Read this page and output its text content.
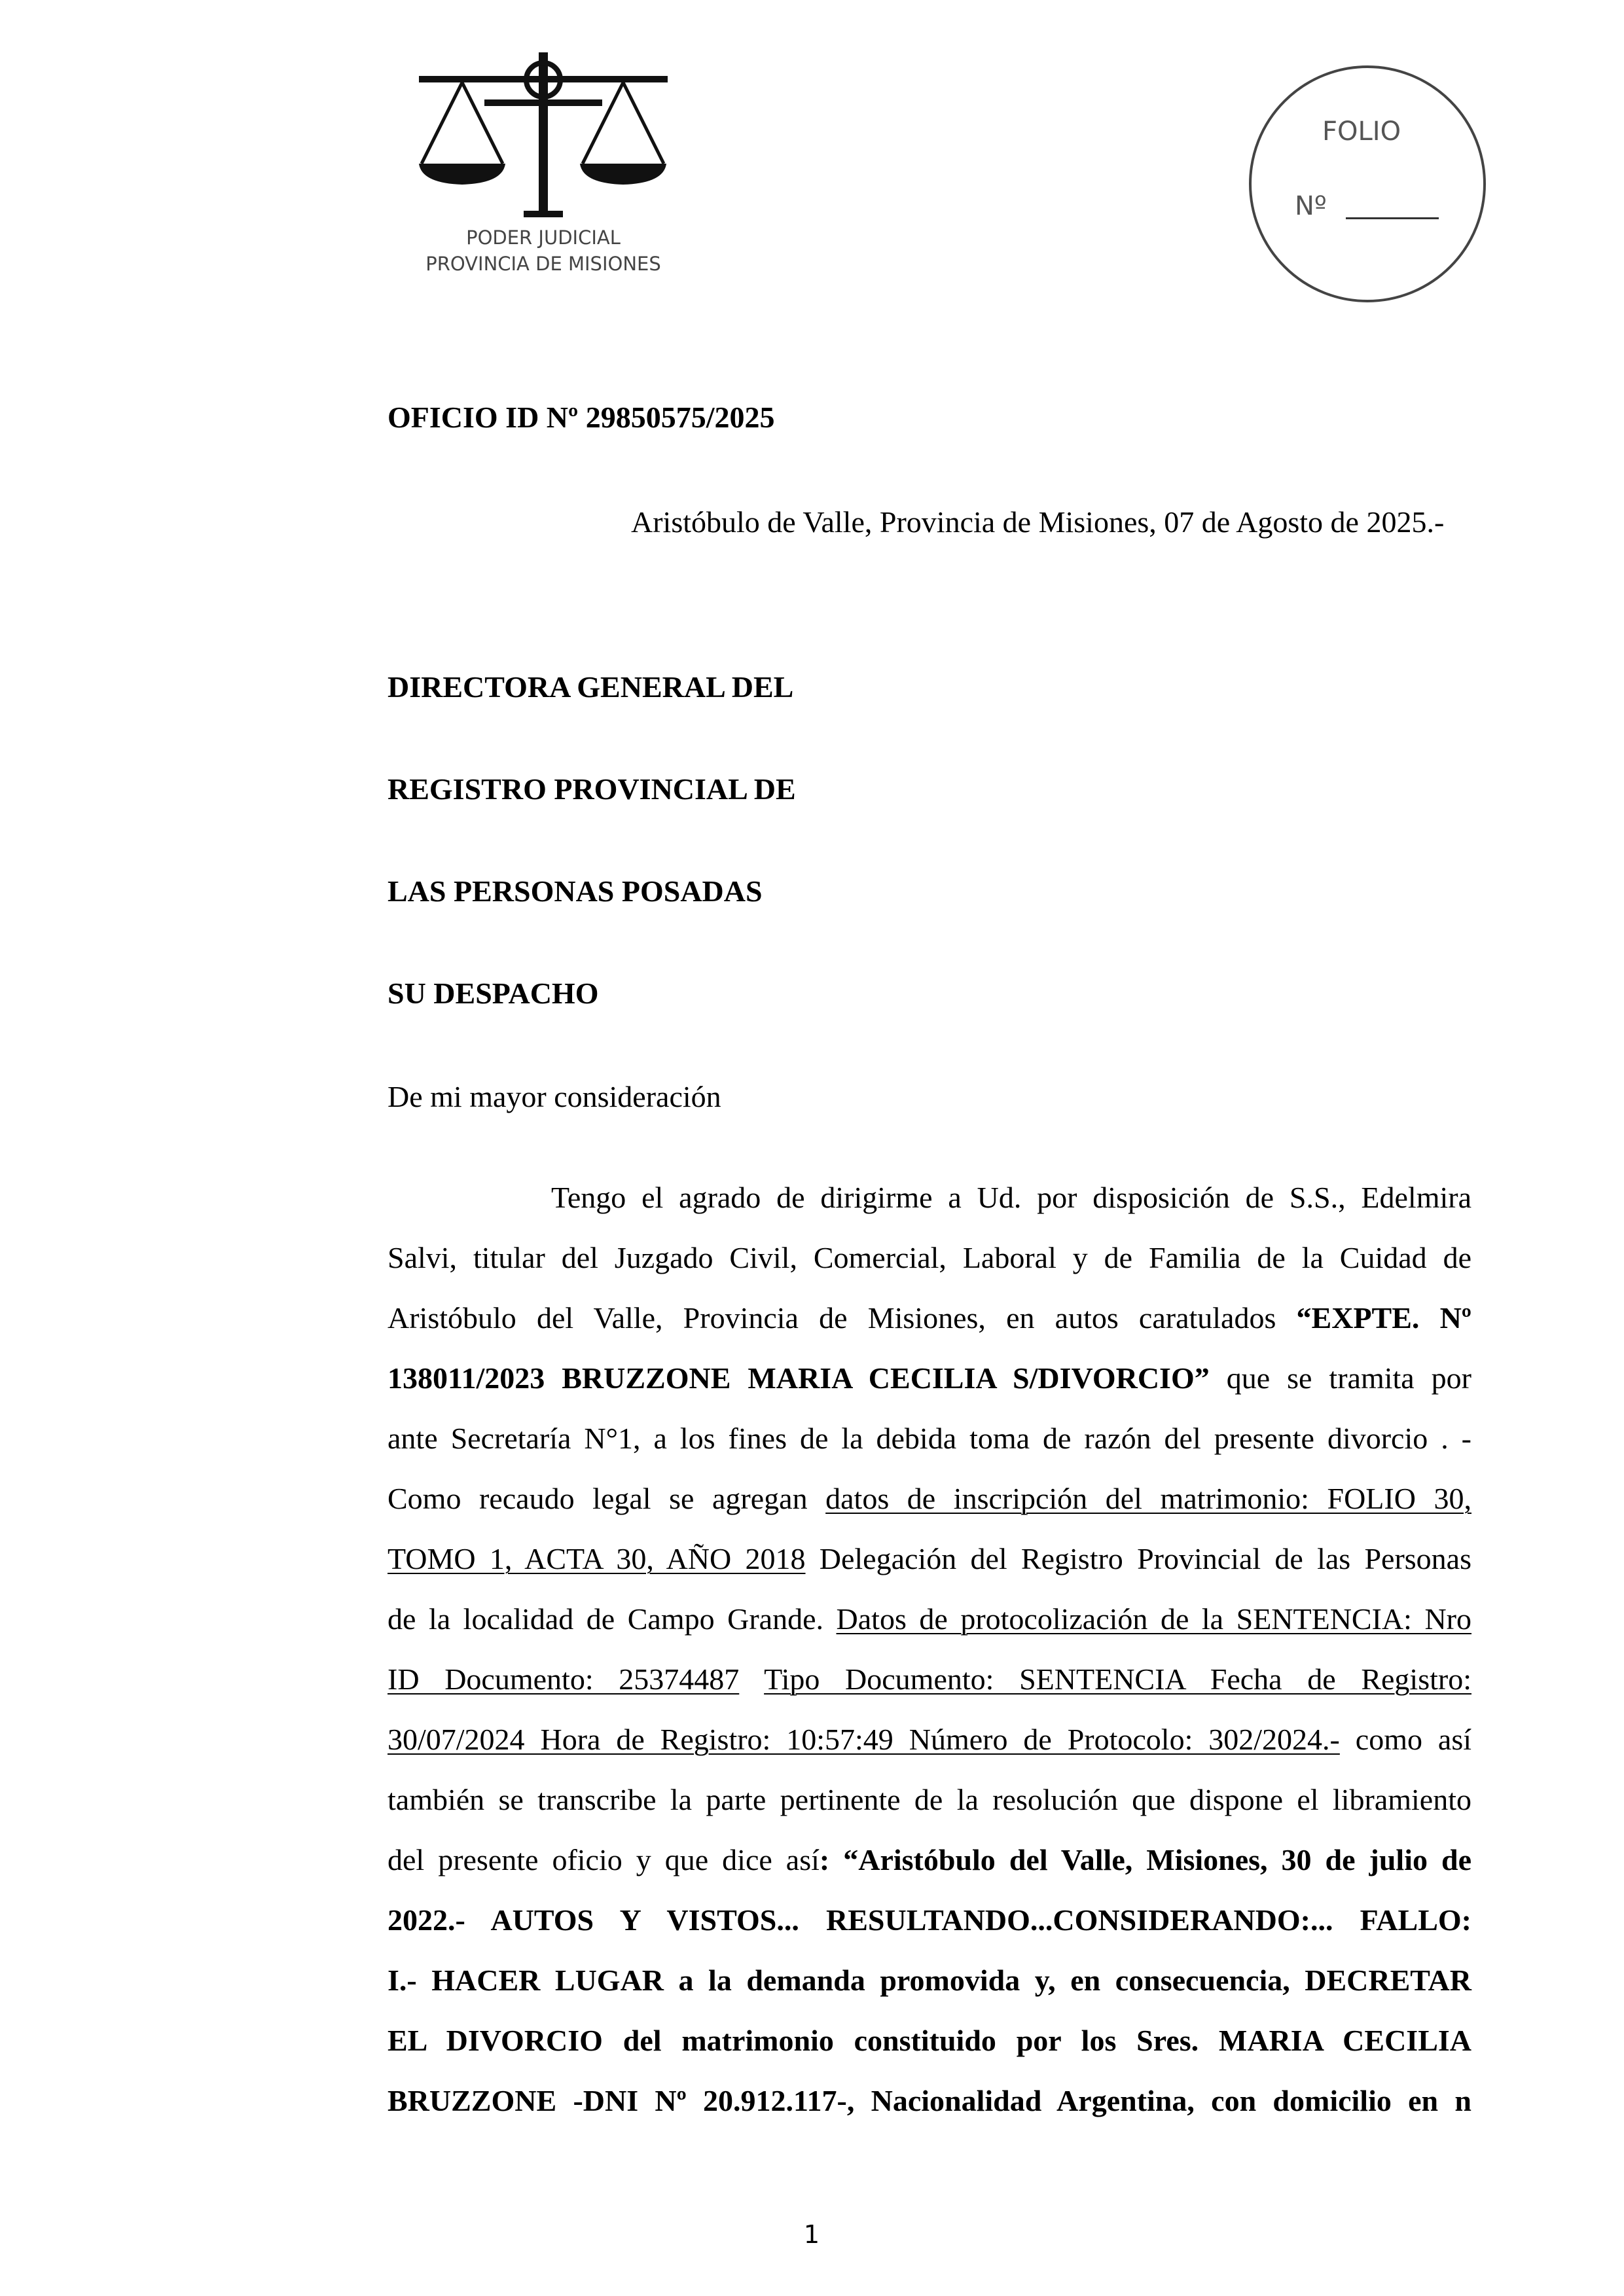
PODER JUDICIAL
PROVINCIA DE MISIONES
FOLIO
Nº
OFICIO ID Nº 29850575/2025
Aristóbulo de Valle, Provincia de Misiones, 07 de Agosto de 2025.-
DIRECTORA GENERAL DEL
REGISTRO PROVINCIAL DE
LAS PERSONAS POSADAS
SU DESPACHO
De mi mayor consideración
Tengo el agrado de dirigirme a Ud. por disposición de S.S., Edelmira
Salvi, titular del Juzgado Civil, Comercial, Laboral y de Familia de la Cuidad de
Aristóbulo del Valle, Provincia de Misiones, en autos caratulados “EXPTE. Nº
138011/2023 BRUZZONE MARIA CECILIA S/DIVORCIO” que se tramita por
ante Secretaría N°1, a los fines de la debida toma de razón del presente divorcio . -
Como recaudo legal se agregan datos de inscripción del matrimonio: FOLIO 30,
TOMO 1, ACTA 30, AÑO 2018 Delegación del Registro Provincial de las Personas
de la localidad de Campo Grande. Datos de protocolización de la SENTENCIA: Nro
ID Documento: 25374487 Tipo Documento: SENTENCIA Fecha de Registro:
30/07/2024 Hora de Registro: 10:57:49 Número de Protocolo: 302/2024.- como así
también se transcribe la parte pertinente de la resolución que dispone el libramiento
del presente oficio y que dice así: “Aristóbulo del Valle, Misiones, 30 de julio de
2022.- AUTOS Y VISTOS... RESULTANDO...CONSIDERANDO:... FALLO:
I.- HACER LUGAR a la demanda promovida y, en consecuencia, DECRETAR
EL DIVORCIO del matrimonio constituido por los Sres. MARIA CECILIA
BRUZZONE -DNI Nº 20.912.117-, Nacionalidad Argentina, con domicilio en n
1
